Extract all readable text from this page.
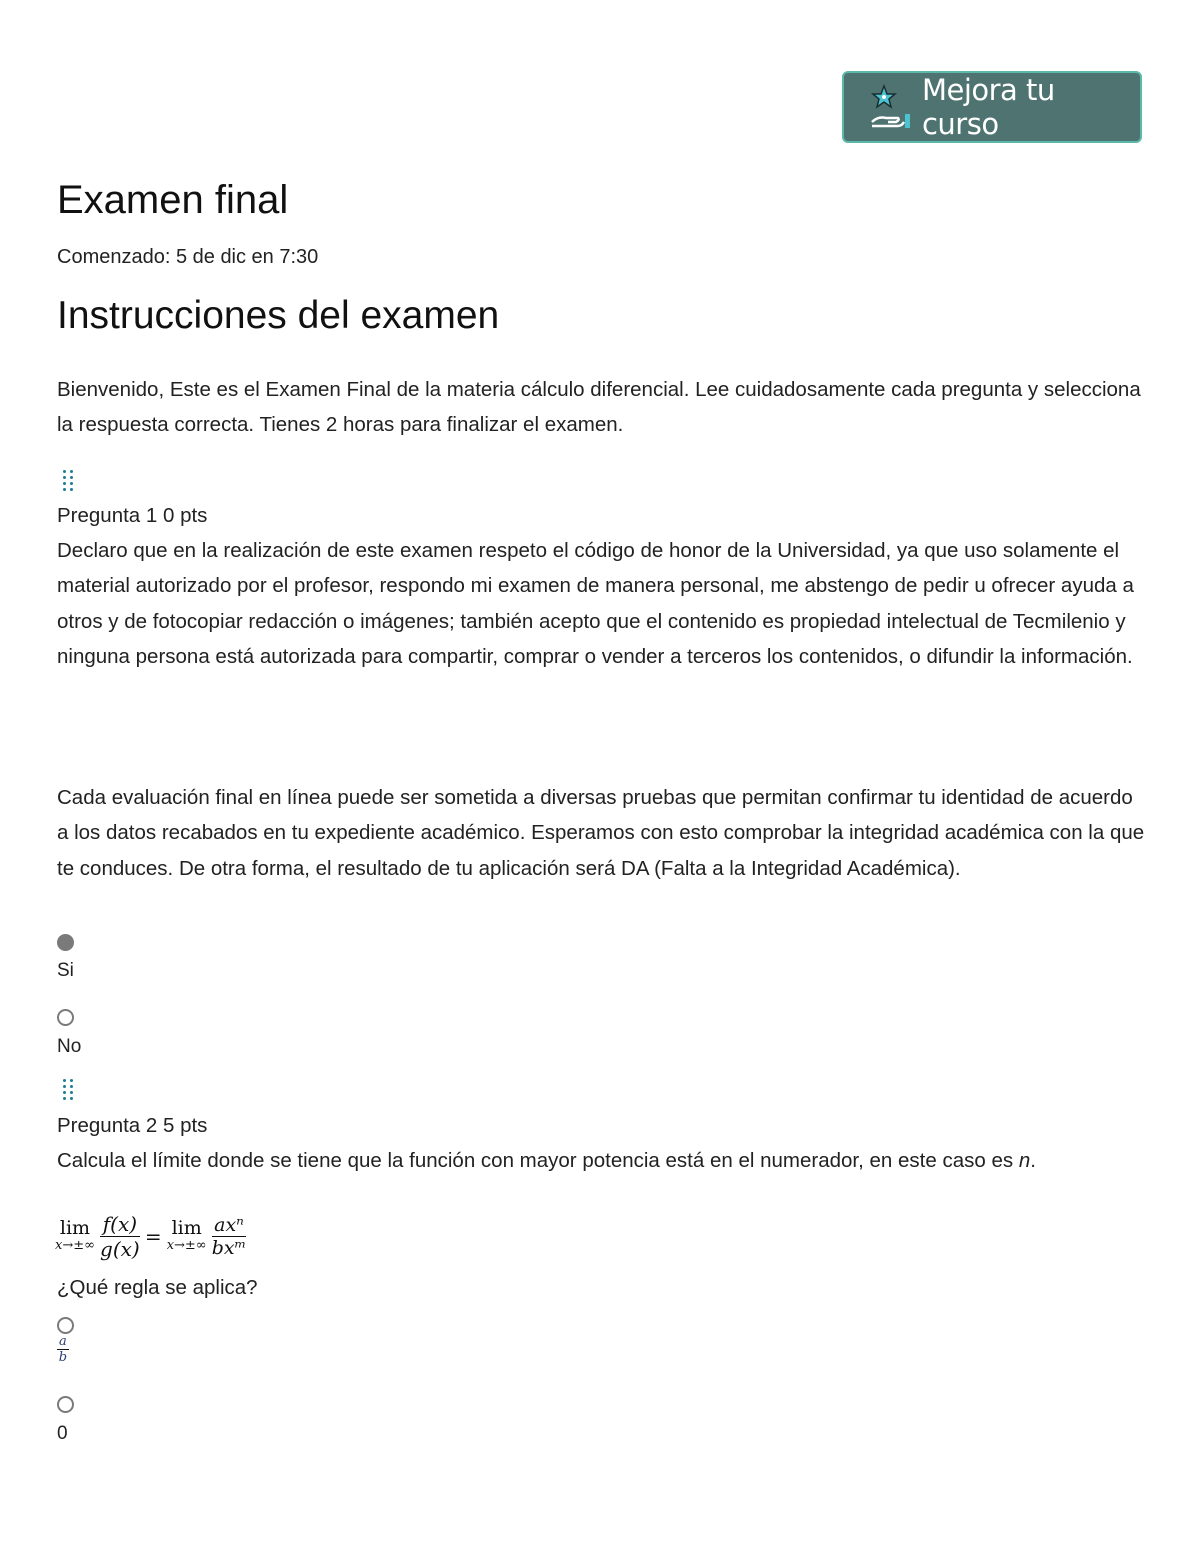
Mejora tu curso
Examen final
Comenzado: 5 de dic en 7:30
Instrucciones del examen
Bienvenido, Este es el Examen Final de la materia cálculo diferencial. Lee cuidadosamente cada pregunta y selecciona la respuesta correcta. Tienes 2 horas para finalizar el examen.
Pregunta 1 0 pts
Declaro que en la realización de este examen respeto el código de honor de la Universidad, ya que uso solamente el material autorizado por el profesor, respondo mi examen de manera personal, me abstengo de pedir u ofrecer ayuda a otros y de fotocopiar redacción o imágenes; también acepto que el contenido es propiedad intelectual de Tecmilenio y ninguna persona está autorizada para compartir, comprar o vender a terceros los contenidos, o difundir la información.
Cada evaluación final en línea puede ser sometida a diversas pruebas que permitan confirmar tu identidad de acuerdo a los datos recabados en tu expediente académico. Esperamos con esto comprobar la integridad académica con la que te conduces. De otra forma, el resultado de tu aplicación será DA (Falta a la Integridad Académica).
Si
No
Pregunta 2 5 pts
Calcula el límite donde se tiene que la función con mayor potencia está en el numerador, en este caso es n.
lim
x→±∞
$\frac{f(x)}{g(x)} = \lim$
x→±∞
$\frac{\text{axⁿ}}{\text{bxᵐ}}$
¿Qué regla se aplica?
$\frac{a}{b}$
0
